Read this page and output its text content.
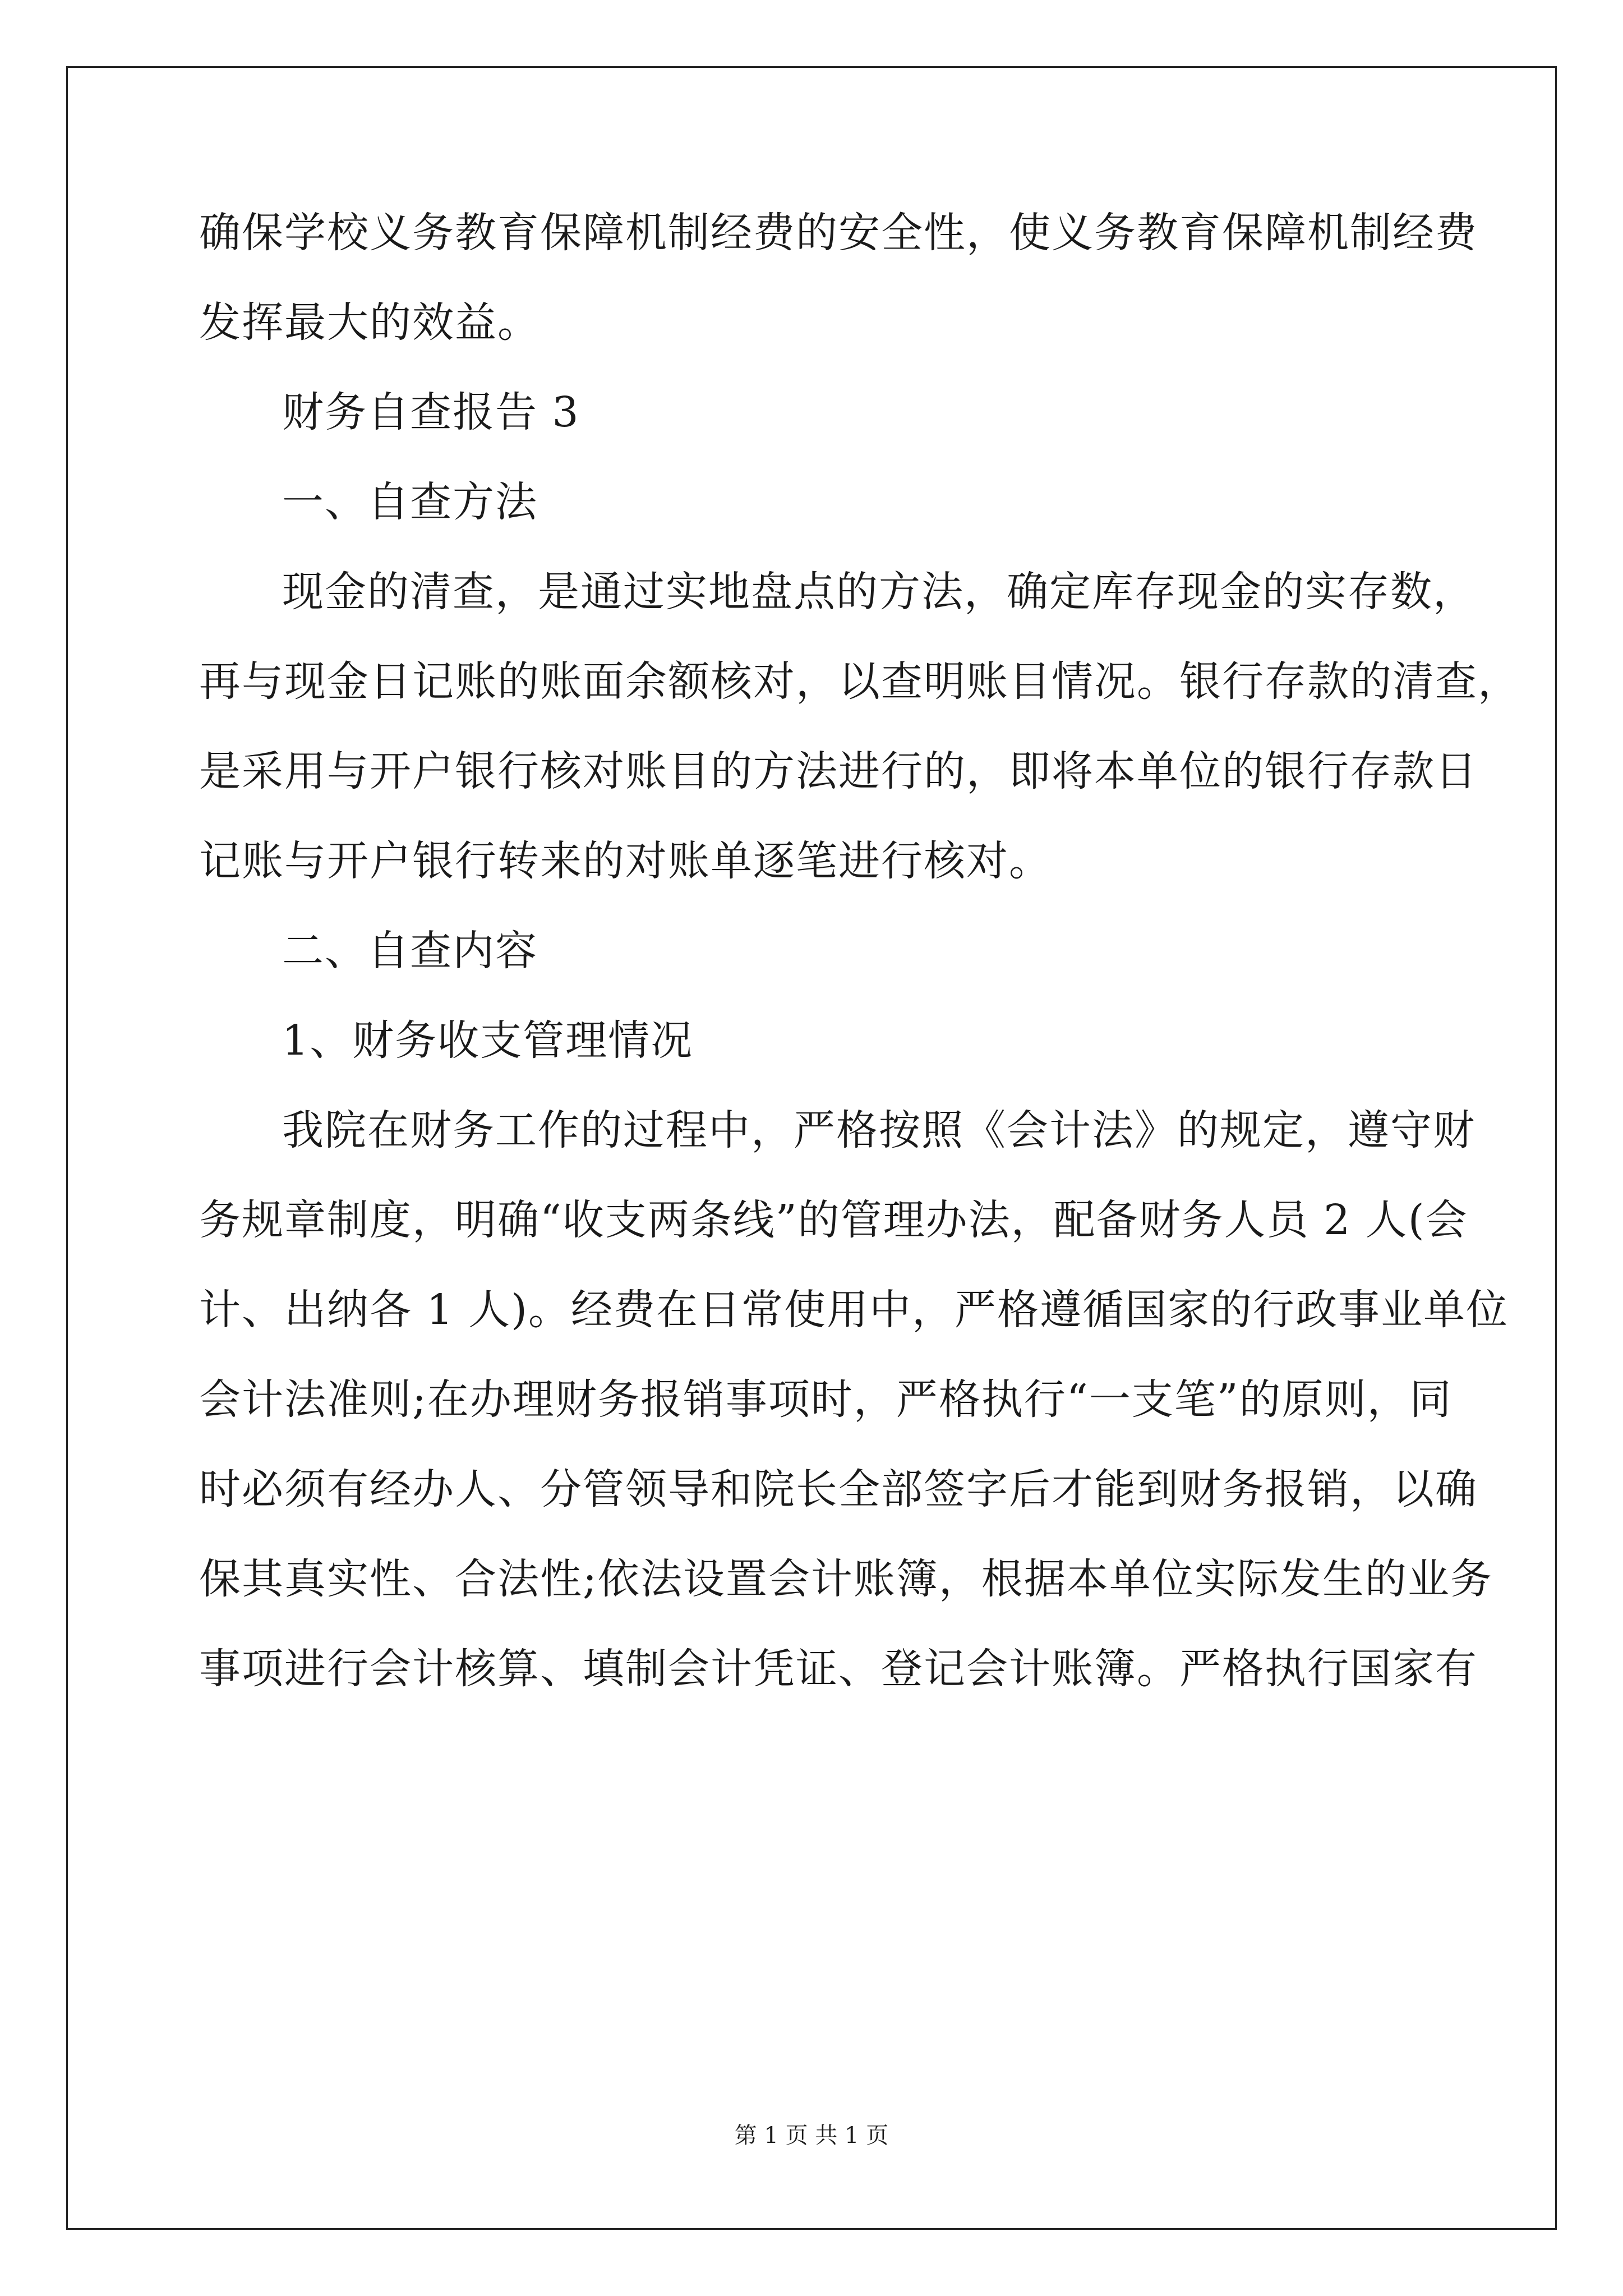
确保学校义务教育保障机制经费的安全性，使义务教育保障机制经费
发挥最大的效益。
财务自查报告 3
一、自查方法
现金的清查，是通过实地盘点的方法，确定库存现金的实存数，
再与现金日记账的账面余额核对，以查明账目情况。银行存款的清查，
是采用与开户银行核对账目的方法进行的，即将本单位的银行存款日
记账与开户银行转来的对账单逐笔进行核对。
二、自查内容
1、财务收支管理情况
我院在财务工作的过程中，严格按照《会计法》的规定，遵守财
务规章制度，明确“收支两条线”的管理办法，配备财务人员 2 人(会
计、出纳各 1 人)。经费在日常使用中，严格遵循国家的行政事业单位
会计法准则;在办理财务报销事项时，严格执行“一支笔”的原则，同
时必须有经办人、分管领导和院长全部签字后才能到财务报销，以确
保其真实性、合法性;依法设置会计账簿，根据本单位实际发生的业务
事项进行会计核算、填制会计凭证、登记会计账簿。严格执行国家有
第 1 页 共 1 页
